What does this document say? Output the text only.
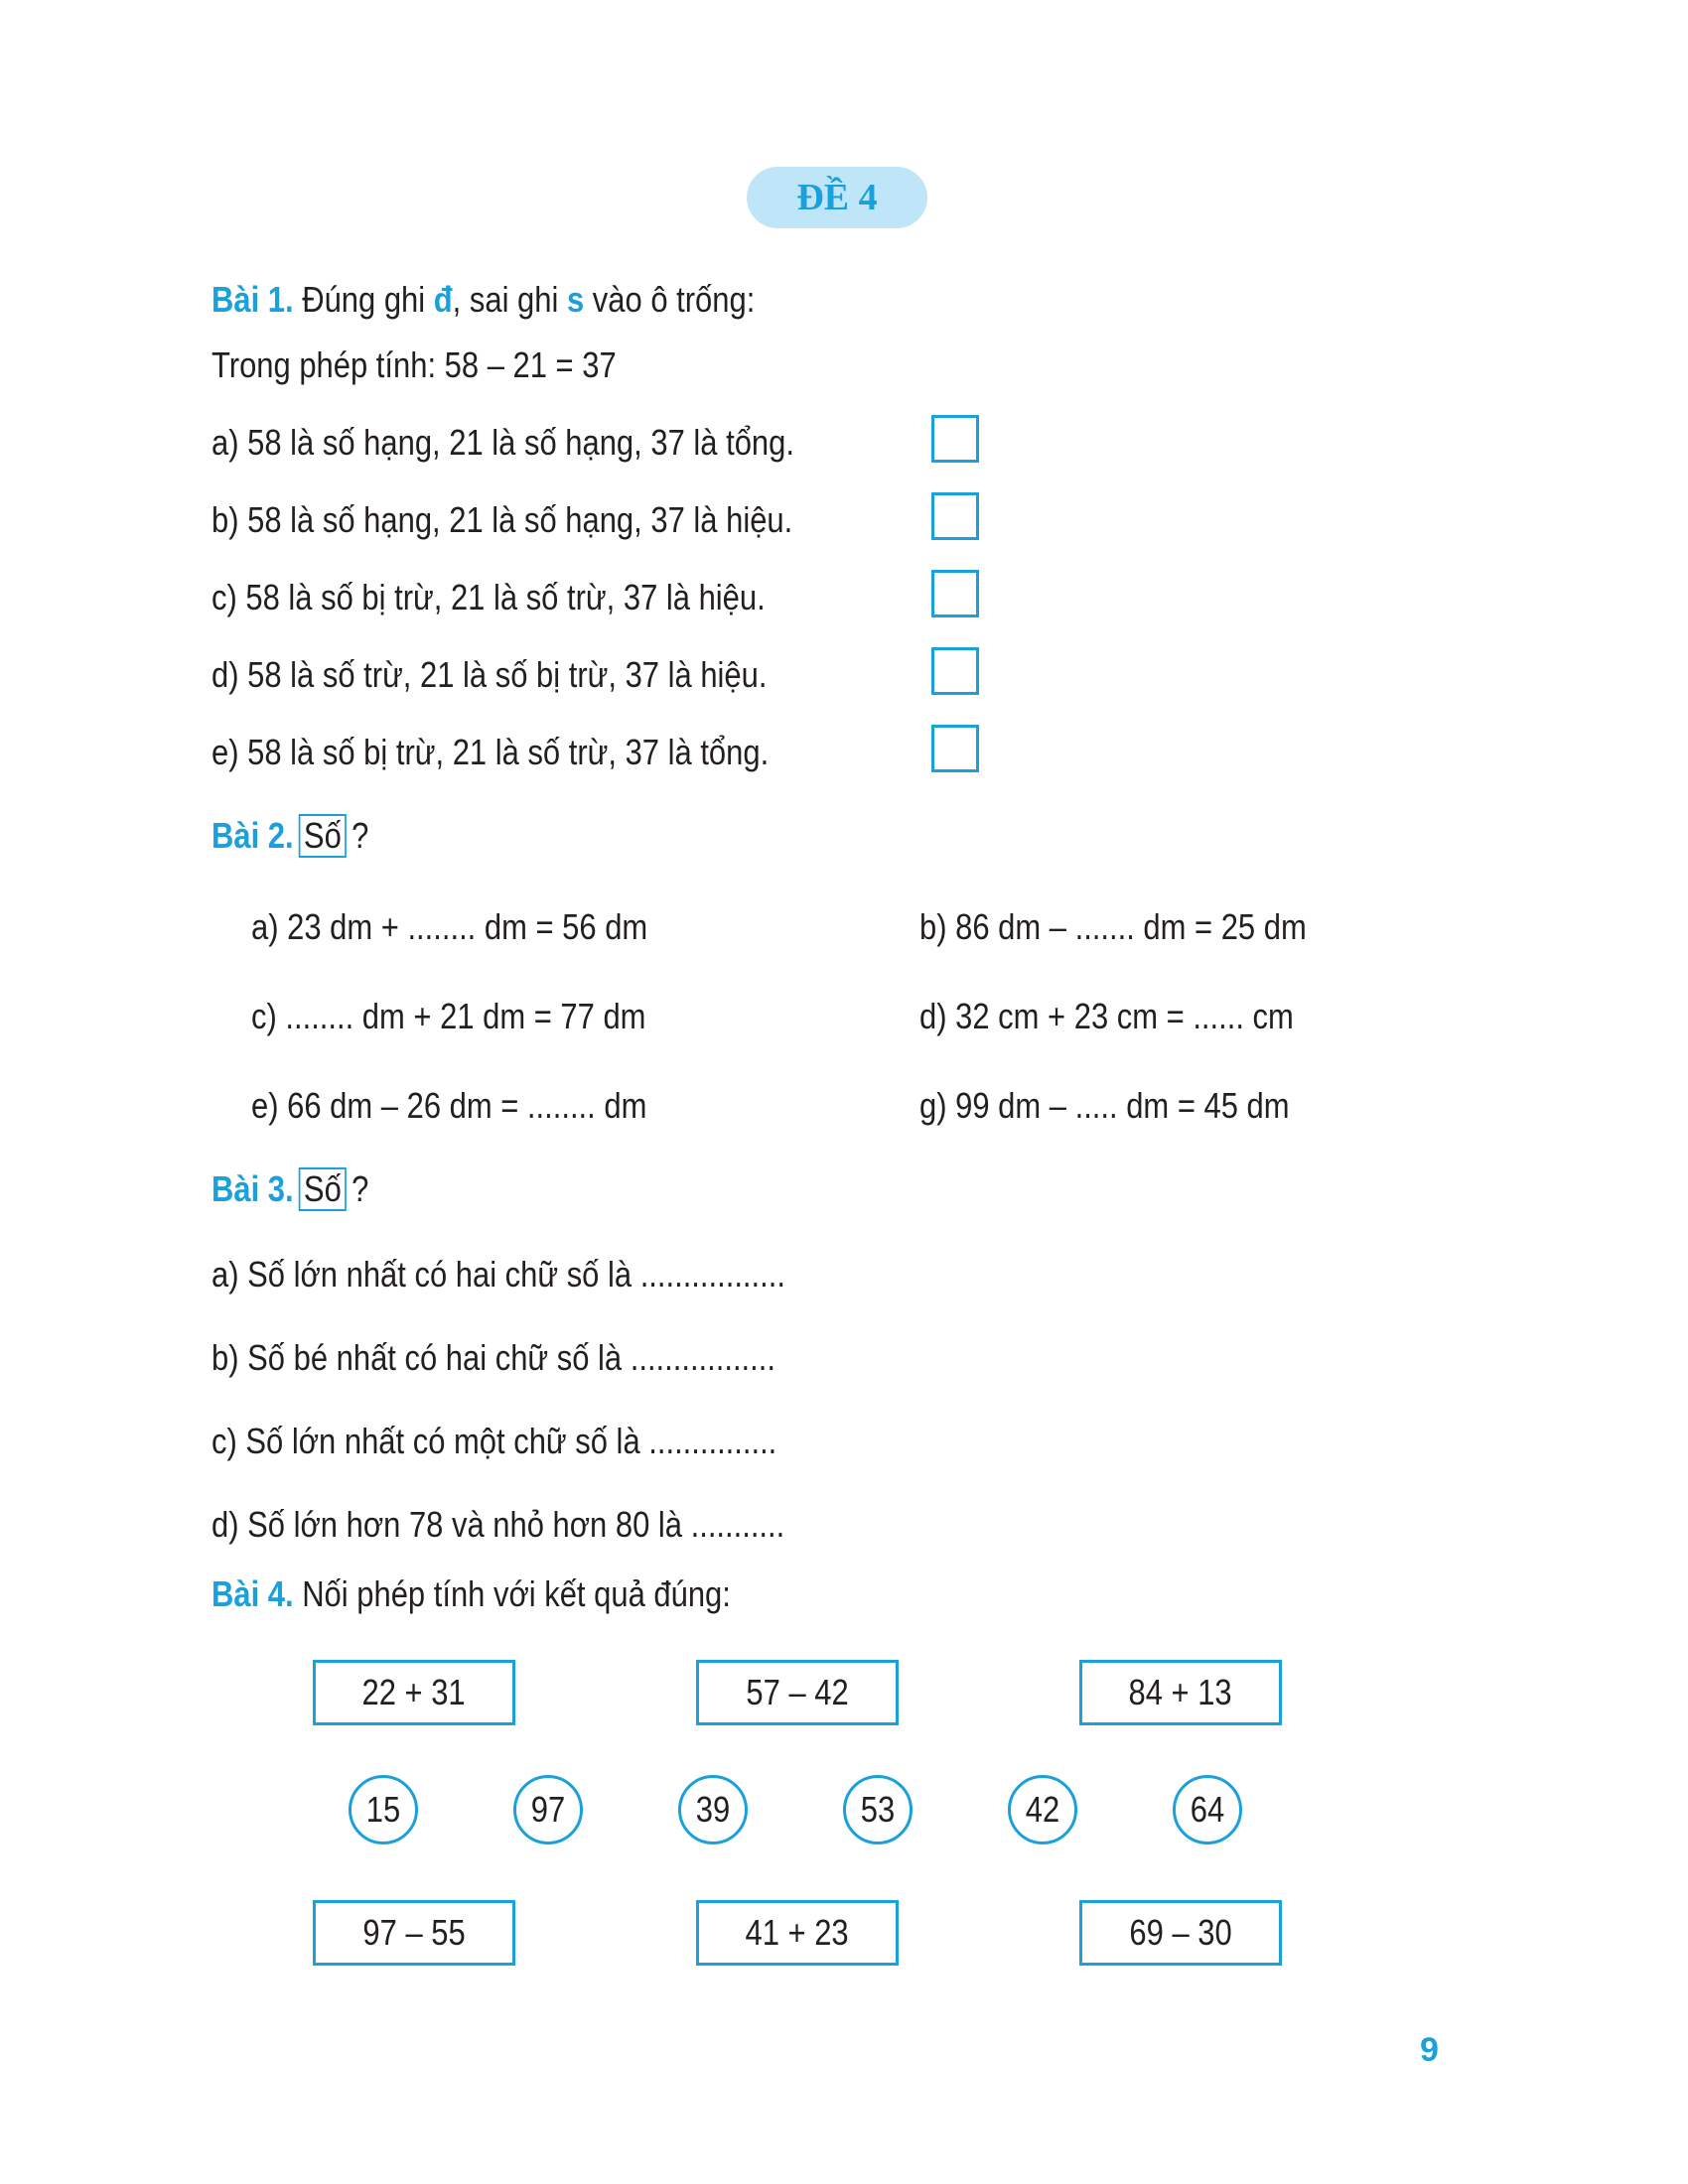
ĐỀ 4
Bài 1. Đúng ghi đ, sai ghi s vào ô trống:
Trong phép tính: 58 – 21 = 37
a) 58 là số hạng, 21 là số hạng, 37 là tổng.
b) 58 là số hạng, 21 là số hạng, 37 là hiệu.
c) 58 là số bị trừ, 21 là số trừ, 37 là hiệu.
d) 58 là số trừ, 21 là số bị trừ, 37 là hiệu.
e) 58 là số bị trừ, 21 là số trừ, 37 là tổng.
Bài 2. Số ?
a) 23 dm + ........ dm = 56 dm	b) 86 dm – ....... dm = 25 dm
c) ........ dm + 21 dm = 77 dm	d) 32 cm + 23 cm = ...... cm
e) 66 dm – 26 dm = ........ dm	g) 99 dm – ..... dm = 45 dm
Bài 3. Số ?
a) Số lớn nhất có hai chữ số là .................
b) Số bé nhất có hai chữ số là .................
c) Số lớn nhất có một chữ số là ...............
d) Số lớn hơn 78 và nhỏ hơn 80 là ...........
Bài 4. Nối phép tính với kết quả đúng:
22 + 31	57 – 42	84 + 13
15	97	39	53	42	64
97 – 55	41 + 23	69 – 30
9
